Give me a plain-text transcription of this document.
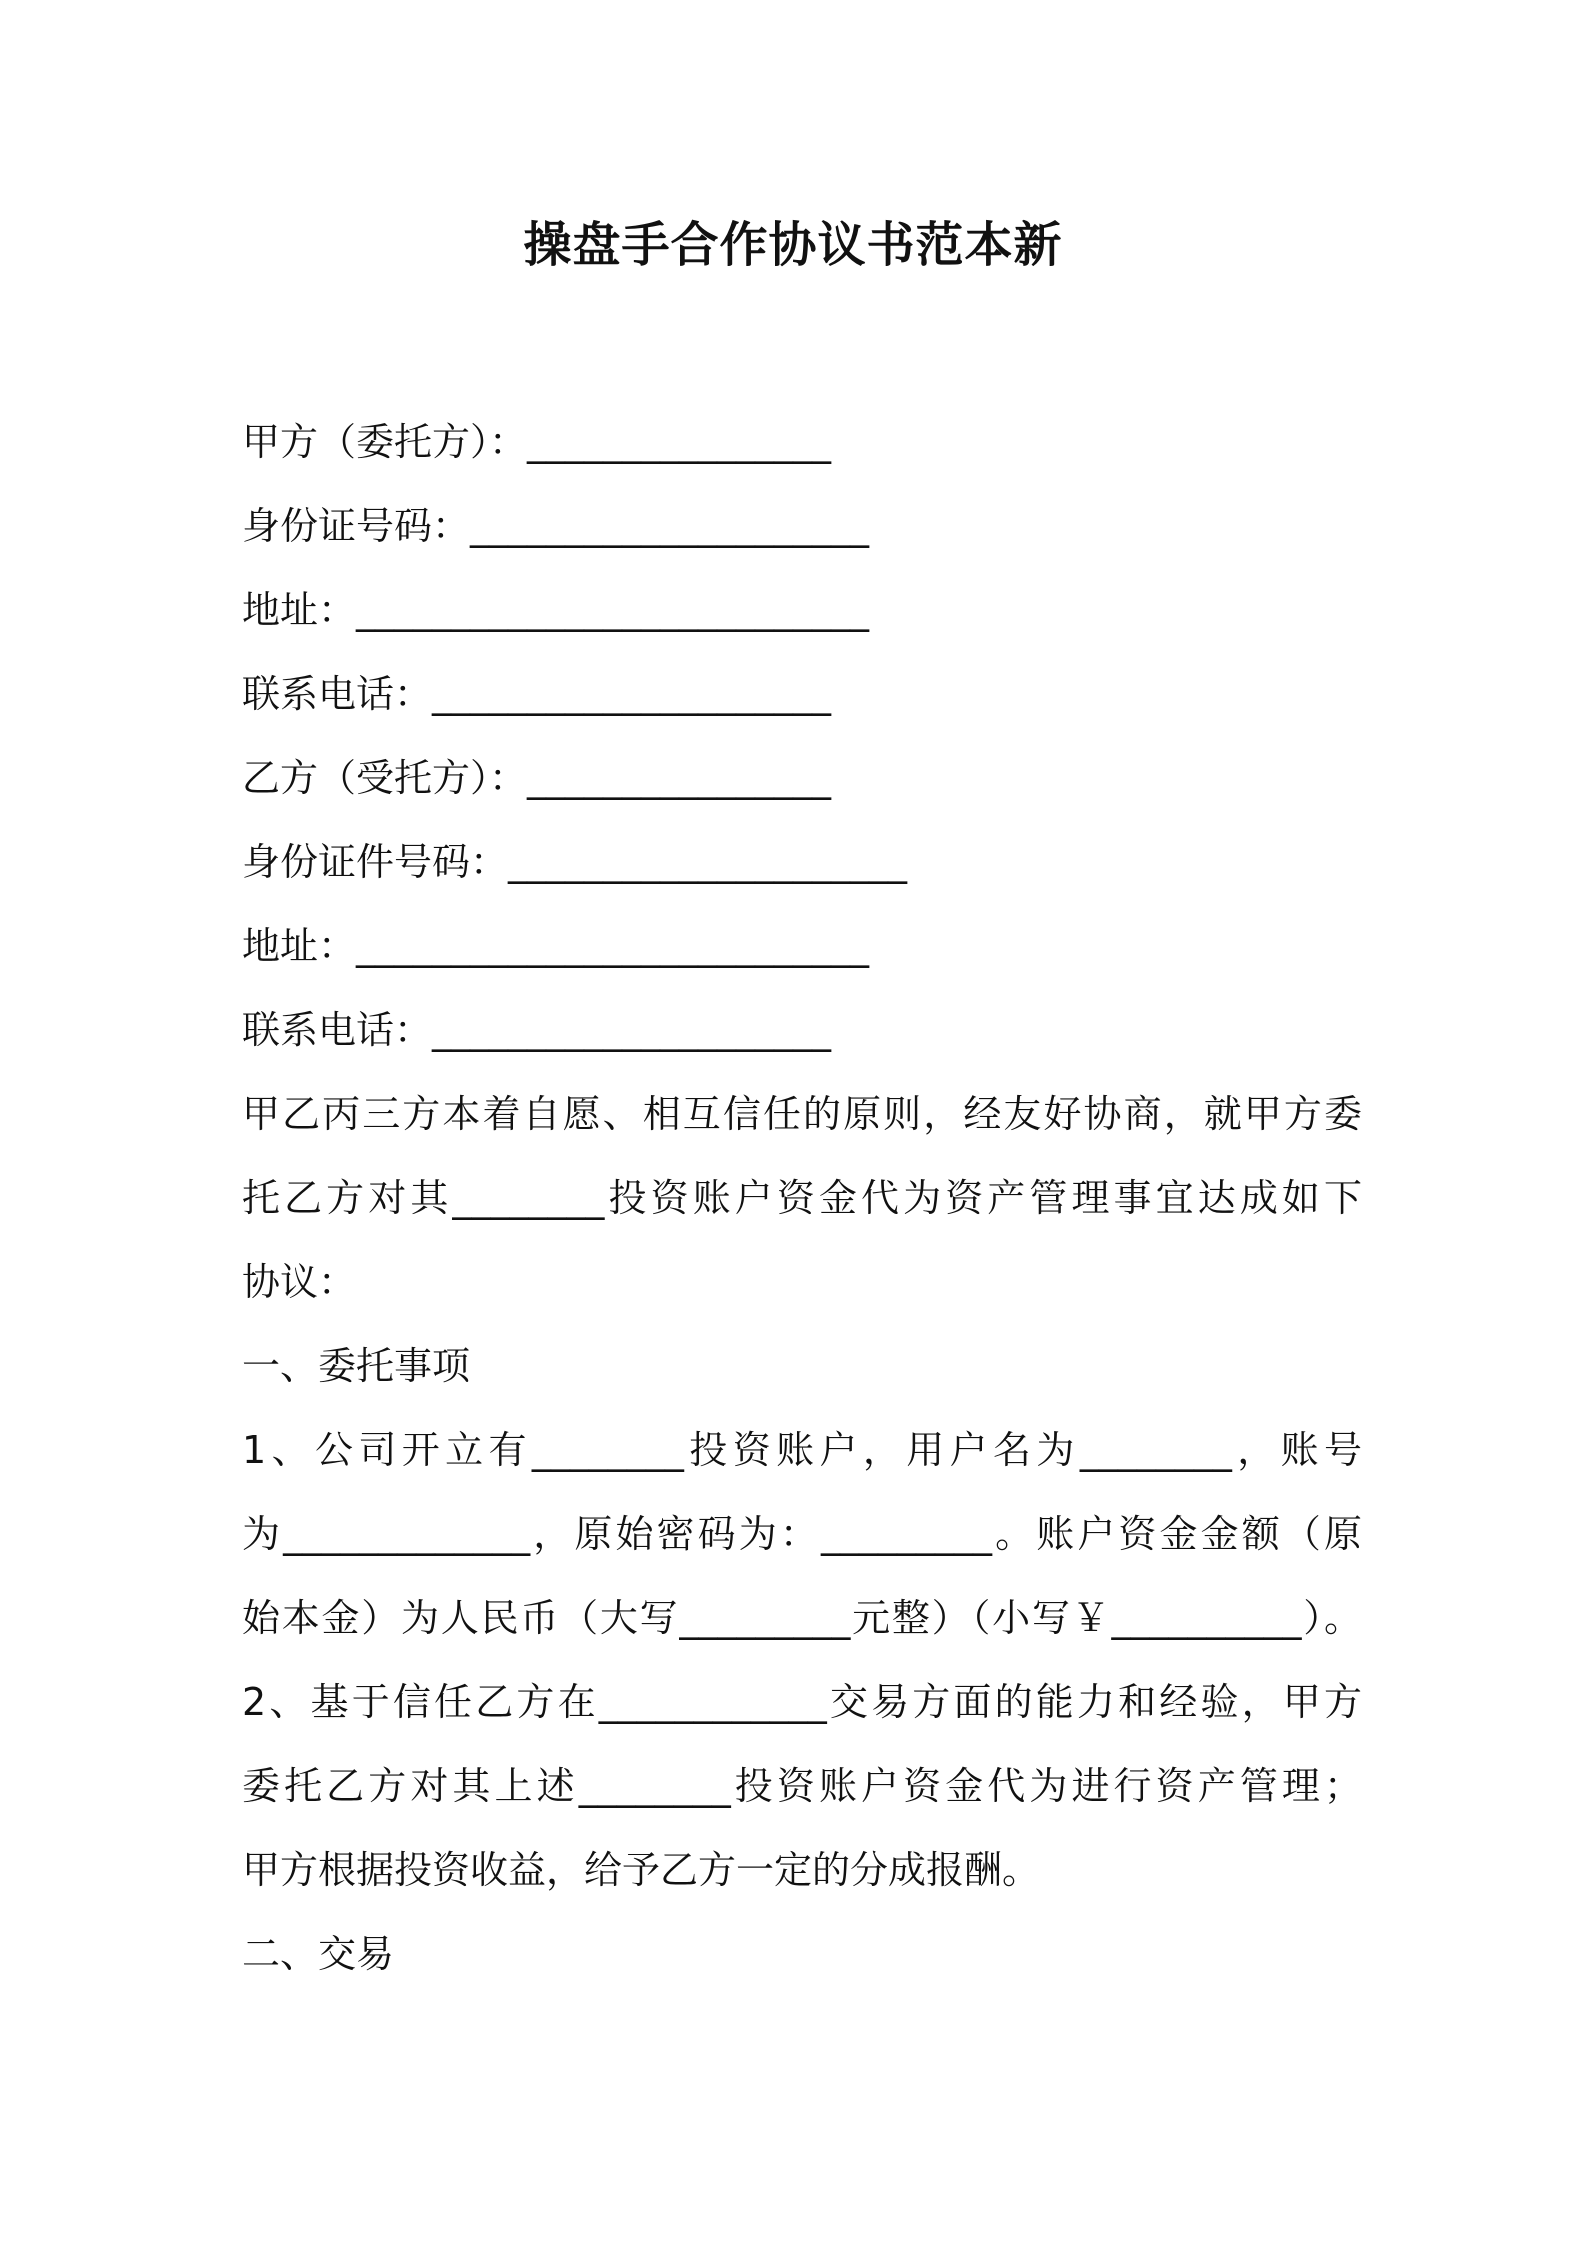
操盘手合作协议书范本新
甲方（委托方）：________________
身份证号码：_____________________
地址：___________________________
联系电话：_____________________
乙方（受托方）：________________
身份证件号码：_____________________
地址：___________________________
联系电话：_____________________
甲乙丙三方本着自愿、相互信任的原则，经友好协商，就甲方委
托乙方对其________投资账户资金代为资产管理事宜达成如下
协议：
一、委托事项
1、公司开立有________投资账户，用户名为________，账号
为_____________，原始密码为：_________。账户资金金额（原
始本金）为人民币（大写_________元整）（小写￥__________）。
2、基于信任乙方在____________交易方面的能力和经验，甲方
委托乙方对其上述________投资账户资金代为进行资产管理；
甲方根据投资收益，给予乙方一定的分成报酬。
二、交易
